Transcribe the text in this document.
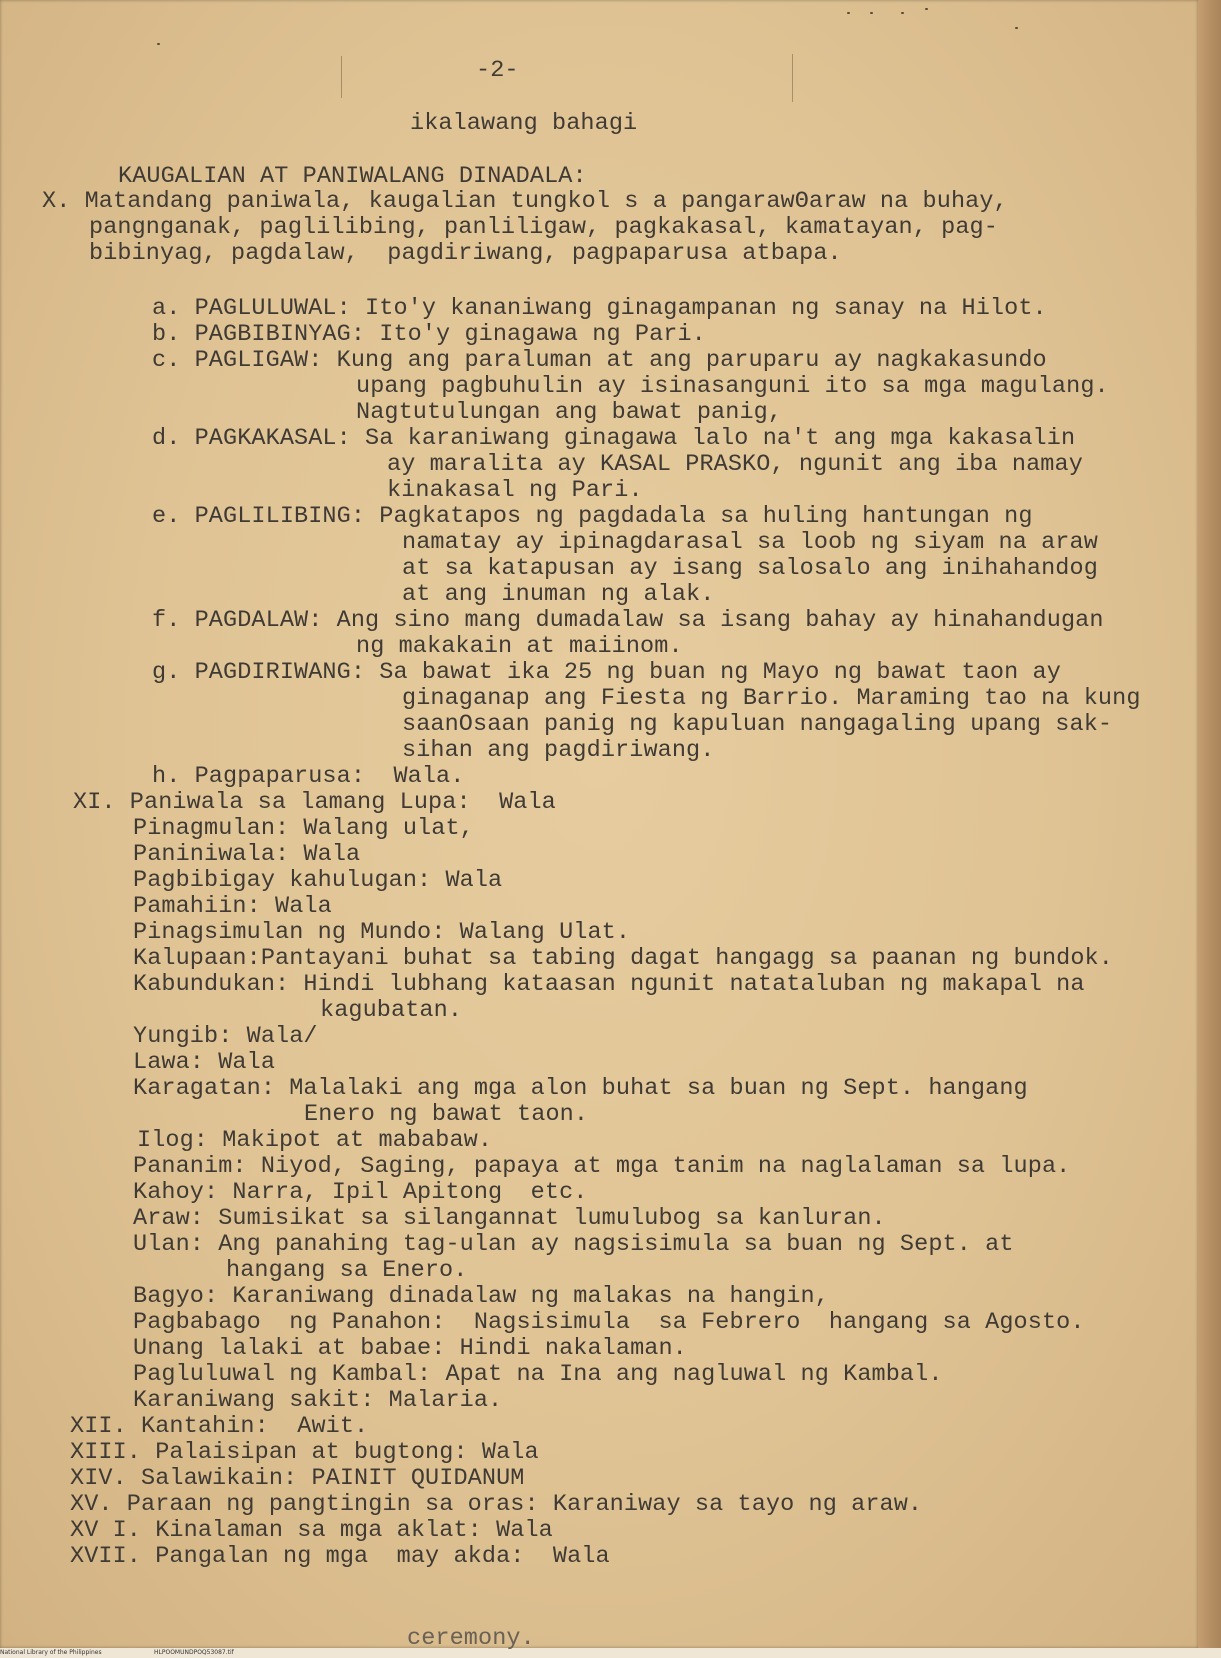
-2-
ikalawang bahagi
KAUGALIAN AT PANIWALANG DINADALA:
X. Matandang paniwala, kaugalian tungkol s a pangarawΘaraw na buhay,
pangnganak, paglilibing, panliligaw, pagkakasal, kamatayan, pag-
bibinyag, pagdalaw,  pagdiriwang, pagpaparusa atbapa.
a. PAGLULUWAL: Ito'y kananiwang ginagampanan ng sanay na Hilot.
b. PAGBIBINYAG: Ito'y ginagawa ng Pari.
c. PAGLIGAW: Kung ang paraluman at ang paruparu ay nagkakasundo
upang pagbuhulin ay isinasanguni ito sa mga magulang.
Nagtutulungan ang bawat panig,
d. PAGKAKASAL: Sa karaniwang ginagawa lalo na't ang mga kakasalin
ay maralita ay KASAL PRASKO, ngunit ang iba namay
kinakasal ng Pari.
e. PAGLILIBING: Pagkatapos ng pagdadala sa huling hantungan ng
namatay ay ipinagdarasal sa loob ng siyam na araw
at sa katapusan ay isang salosalo ang inihahandog
at ang inuman ng alak.
f. PAGDALAW: Ang sino mang dumadalaw sa isang bahay ay hinahandugan
ng makakain at maiinom.
g. PAGDIRIWANG: Sa bawat ika 25 ng buan ng Mayo ng bawat taon ay
ginaganap ang Fiesta ng Barrio. Maraming tao na kung
saanOsaan panig ng kapuluan nangagaling upang sak-
sihan ang pagdiriwang.
h. Pagpaparusa:  Wala.
XI. Paniwala sa lamang Lupa:  Wala
Pinagmulan: Walang ulat,
Paniniwala: Wala
Pagbibigay kahulugan: Wala
Pamahiin: Wala
Pinagsimulan ng Mundo: Walang Ulat.
Kalupaan:Pantayani buhat sa tabing dagat hangagg sa paanan ng bundok.
Kabundukan: Hindi lubhang kataasan ngunit natataluban ng makapal na
kagubatan.
Yungib: Wala/
Lawa: Wala
Karagatan: Malalaki ang mga alon buhat sa buan ng Sept. hangang
Enero ng bawat taon.
Ilog: Makipot at mababaw.
Pananim: Niyod, Saging, papaya at mga tanim na naglalaman sa lupa.
Kahoy: Narra, Ipil Apitong  etc.
Araw: Sumisikat sa silangannat lumulubog sa kanluran.
Ulan: Ang panahing tag-ulan ay nagsisimula sa buan ng Sept. at
hangang sa Enero.
Bagyo: Karaniwang dinadalaw ng malakas na hangin,
Pagbabago  ng Panahon:  Nagsisimula  sa Febrero  hangang sa Agosto.
Unang lalaki at babae: Hindi nakalaman.
Pagluluwal ng Kambal: Apat na Ina ang nagluwal ng Kambal.
Karaniwang sakit: Malaria.
XII. Kantahin:  Awit.
XIII. Palaisipan at bugtong: Wala
XIV. Salawikain: PAINIT QUIDANUM
XV. Paraan ng pangtingin sa oras: Karaniway sa tayo ng araw.
XV I. Kinalaman sa mga aklat: Wala
XVII. Pangalan ng mga  may akda:  Wala
ceremony.
National Library of the Philippines	HLPOOMUNDPOQ53087.tif
